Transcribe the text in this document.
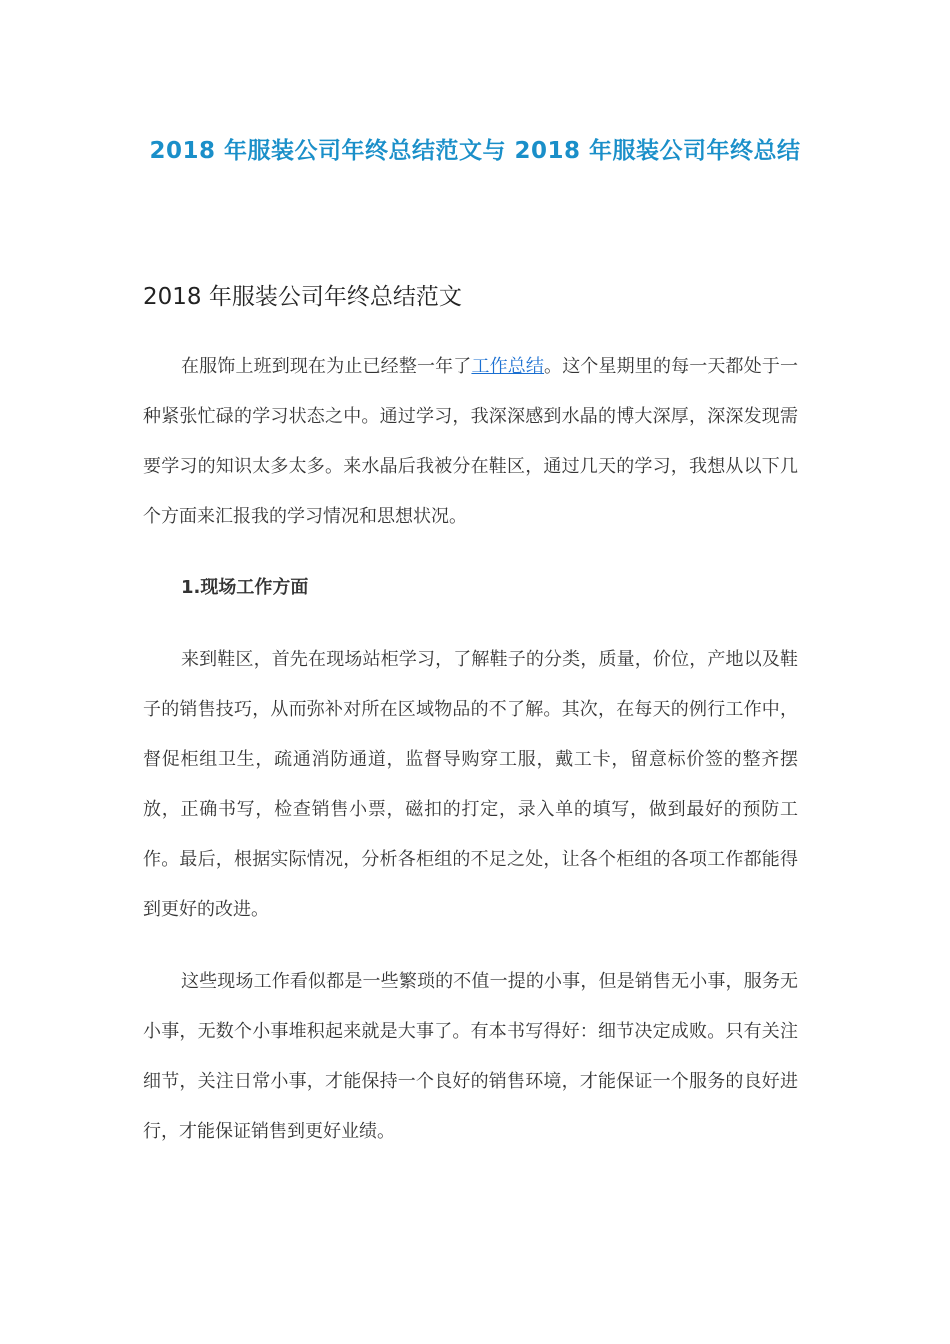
2018 年服装公司年终总结范文与 2018 年服装公司年终总结
2018 年服装公司年终总结范文

在服饰上班到现在为止已经整一年了工作总结。这个星期里的每一天都处于一种紧张忙碌的学习状态之中。通过学习，我深深感到水晶的博大深厚，深深发现需要学习的知识太多太多。来水晶后我被分在鞋区，通过几天的学习，我想从以下几个方面来汇报我的学习情况和思想状况。

1.现场工作方面

来到鞋区，首先在现场站柜学习，了解鞋子的分类，质量，价位，产地以及鞋子的销售技巧，从而弥补对所在区域物品的不了解。其次，在每天的例行工作中，督促柜组卫生，疏通消防通道，监督导购穿工服，戴工卡，留意标价签的整齐摆放，正确书写，检查销售小票，磁扣的打定，录入单的填写，做到最好的预防工作。最后，根据实际情况，分析各柜组的不足之处，让各个柜组的各项工作都能得到更好的改进。

这些现场工作看似都是一些繁琐的不值一提的小事，但是销售无小事，服务无小事，无数个小事堆积起来就是大事了。有本书写得好：细节决定成败。只有关注细节，关注日常小事，才能保持一个良好的销售环境，才能保证一个服务的良好进行，才能保证销售到更好业绩。
